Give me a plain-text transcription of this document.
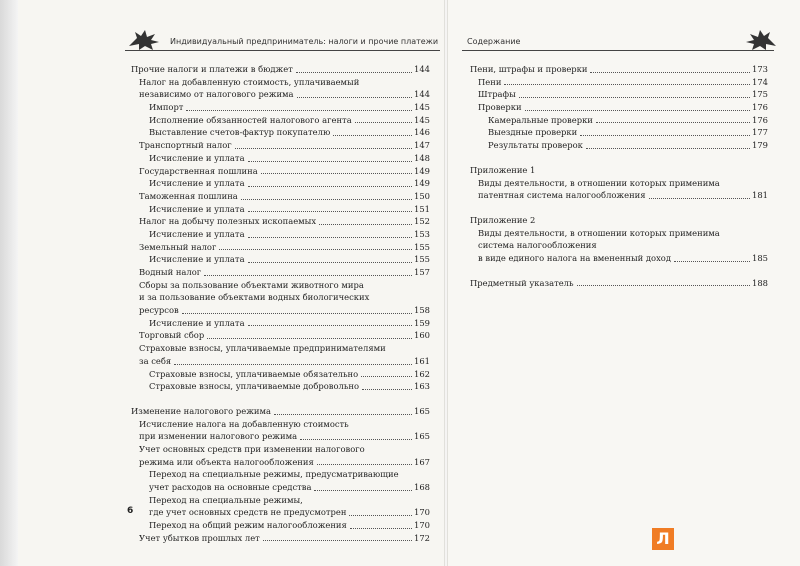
Индивидуальный предприниматель: налоги и прочие платежи	Содержание
Прочие налоги и платежи в бюджет	144
Налог на добавленную стоимость, уплачиваемый
независимо от налогового режима	144
Импорт	145
Исполнение обязанностей налогового агента	145
Выставление счетов-фактур покупателю	146
Транспортный налог	147
Исчисление и уплата	148
Государственная пошлина	149
Исчисление и уплата	149
Таможенная пошлина	150
Исчисление и уплата	151
Налог на добычу полезных ископаемых	152
Исчисление и уплата	153
Земельный налог	155
Исчисление и уплата	155
Водный налог	157
Сборы за пользование объектами животного мира
и за пользование объектами водных биологических
ресурсов	158
Исчисление и уплата	159
Торговый сбор	160
Страховые взносы, уплачиваемые предпринимателями
за себя	161
Страховые взносы, уплачиваемые обязательно	162
Страховые взносы, уплачиваемые добровольно	163
Изменение налогового режима	165
Исчисление налога на добавленную стоимость
при изменении налогового режима	165
Учет основных средств при изменении налогового
режима или объекта налогообложения	167
Переход на специальные режимы, предусматривающие
учет расходов на основные средства	168
Переход на специальные режимы,
где учет основных средств не предусмотрен	170
Переход на общий режим налогообложения	170
Учет убытков прошлых лет	172
Пени, штрафы и проверки	173
Пени	174
Штрафы	175
Проверки	176
Камеральные проверки	176
Выездные проверки	177
Результаты проверок	179
Приложение 1
Виды деятельности, в отношении которых применима
патентная система налогообложения	181
Приложение 2
Виды деятельности, в отношении которых применима
система налогообложения
в виде единого налога на вмененный доход	185
Предметный указатель	188
6
Л
